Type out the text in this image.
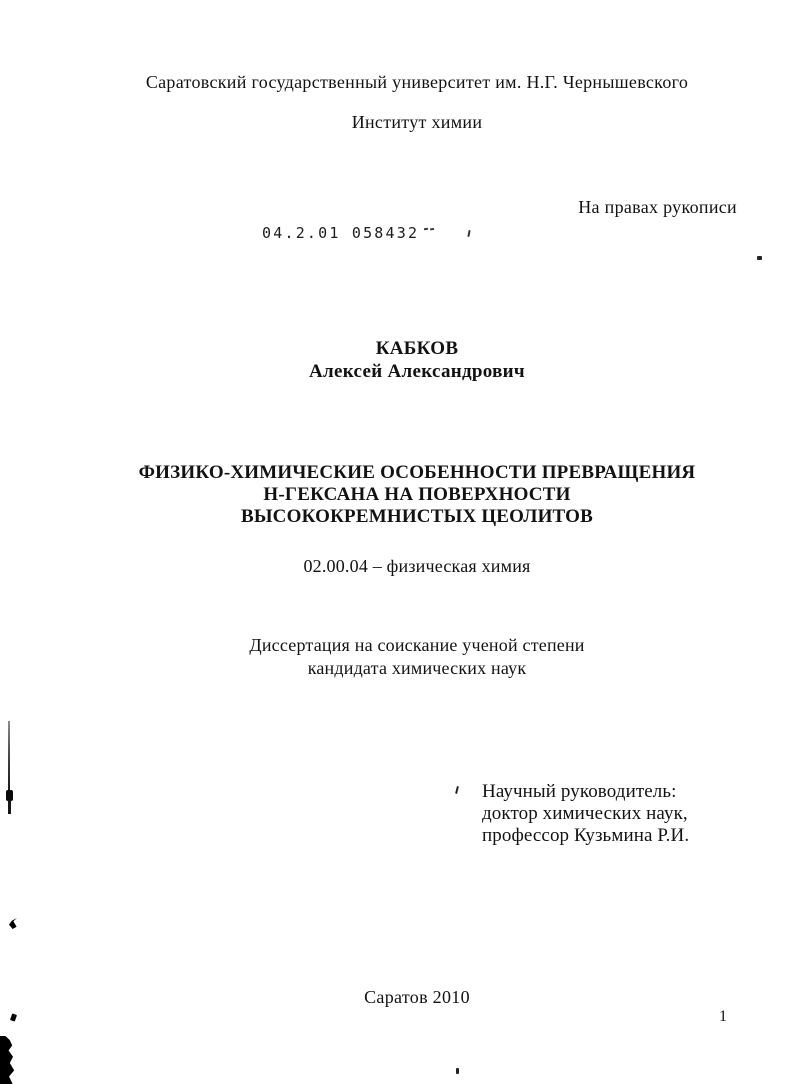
Саратовский государственный университет им. Н.Г. Чернышевского
Институт химии
На правах рукописи
04.2.01 058432
КАБКОВ
Алексей Александрович
ФИЗИКО-ХИМИЧЕСКИЕ ОСОБЕННОСТИ ПРЕВРАЩЕНИЯ
Н-ГЕКСАНА НА ПОВЕРХНОСТИ
ВЫСОКОКРЕМНИСТЫХ ЦЕОЛИТОВ
02.00.04 – физическая химия
Диссертация на соискание ученой степени
кандидата химических наук
Научный руководитель:
доктор химических наук,
профессор Кузьмина Р.И.
Саратов 2010
1
